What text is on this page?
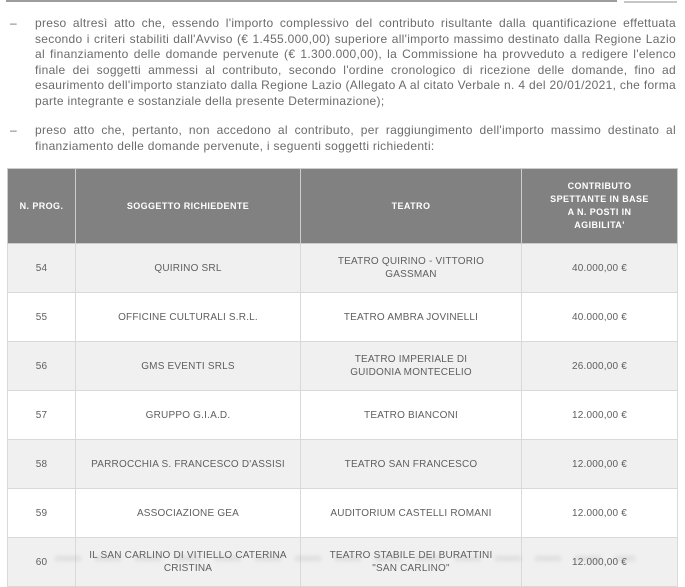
–	preso altresì atto che, essendo l'importo complessivo del contributo risultante dalla quantificazione effettuata secondo i criteri stabiliti dall'Avviso (€ 1.455.000,00) superiore all'importo massimo destinato dalla Regione Lazio al finanziamento delle domande pervenute (€ 1.300.000,00), la Commissione ha provveduto a redigere l'elenco finale dei soggetti ammessi al contributo, secondo l'ordine cronologico di ricezione delle domande, fino ad esaurimento dell'importo stanziato dalla Regione Lazio (Allegato A al citato Verbale n. 4 del 20/01/2021, che forma parte integrante e sostanziale della presente Determinazione);
–	preso atto che, pertanto, non accedono al contributo, per raggiungimento dell'importo massimo destinato al finanziamento delle domande pervenute, i seguenti soggetti richiedenti:
N. PROG.	SOGGETTO RICHIEDENTE	TEATRO	CONTRIBUTO SPETTANTE IN BASE A N. POSTI IN AGIBILITA'
54	QUIRINO SRL	TEATRO QUIRINO - VITTORIO GASSMAN	40.000,00 €
55	OFFICINE CULTURALI S.R.L.	TEATRO AMBRA JOVINELLI	40.000,00 €
56	GMS EVENTI SRLS	TEATRO IMPERIALE DI GUIDONIA MONTECELIO	26.000,00 €
57	GRUPPO G.I.A.D.	TEATRO BIANCONI	12.000,00 €
58	PARROCCHIA S. FRANCESCO D'ASSISI	TEATRO SAN FRANCESCO	12.000,00 €
59	ASSOCIAZIONE GEA	AUDITORIUM CASTELLI ROMANI	12.000,00 €
60	IL SAN CARLINO DI VITIELLO CATERINA CRISTINA	TEATRO STABILE DEI BURATTINI "SAN CARLINO"	12.000,00 €
